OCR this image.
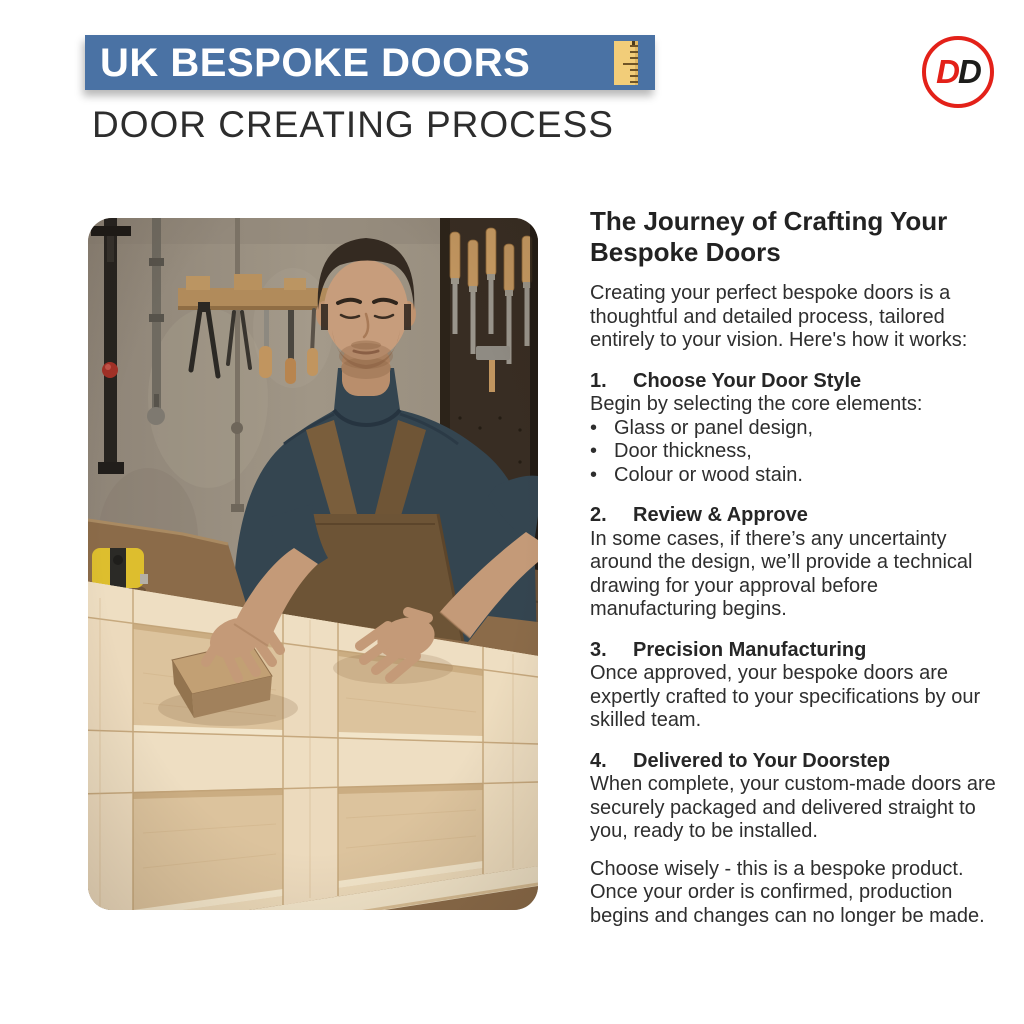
UK BESPOKE DOORS	D D
DOOR CREATING PROCESS
The Journey of Crafting Your Bespoke Doors

Creating your perfect bespoke doors is a thoughtful and detailed process, tailored entirely to your vision. Here's how it works:

1.	Choose Your Door Style

Begin by selecting the core elements:

• Glass or panel design,
• Door thickness,
• Colour or wood stain.
2.	Review & Approve

In some cases, if there’s any uncertainty around the design, we’ll provide a technical drawing for your approval before manufacturing begins.

3.	Precision Manufacturing

Once approved, your bespoke doors are expertly crafted to your specifications by our skilled team.

4.	Delivered to Your Doorstep

When complete, your custom-made doors are securely packaged and delivered straight to you, ready to be installed.

Choose wisely - this is a bespoke product. Once your order is confirmed, production begins and changes can no longer be made.
